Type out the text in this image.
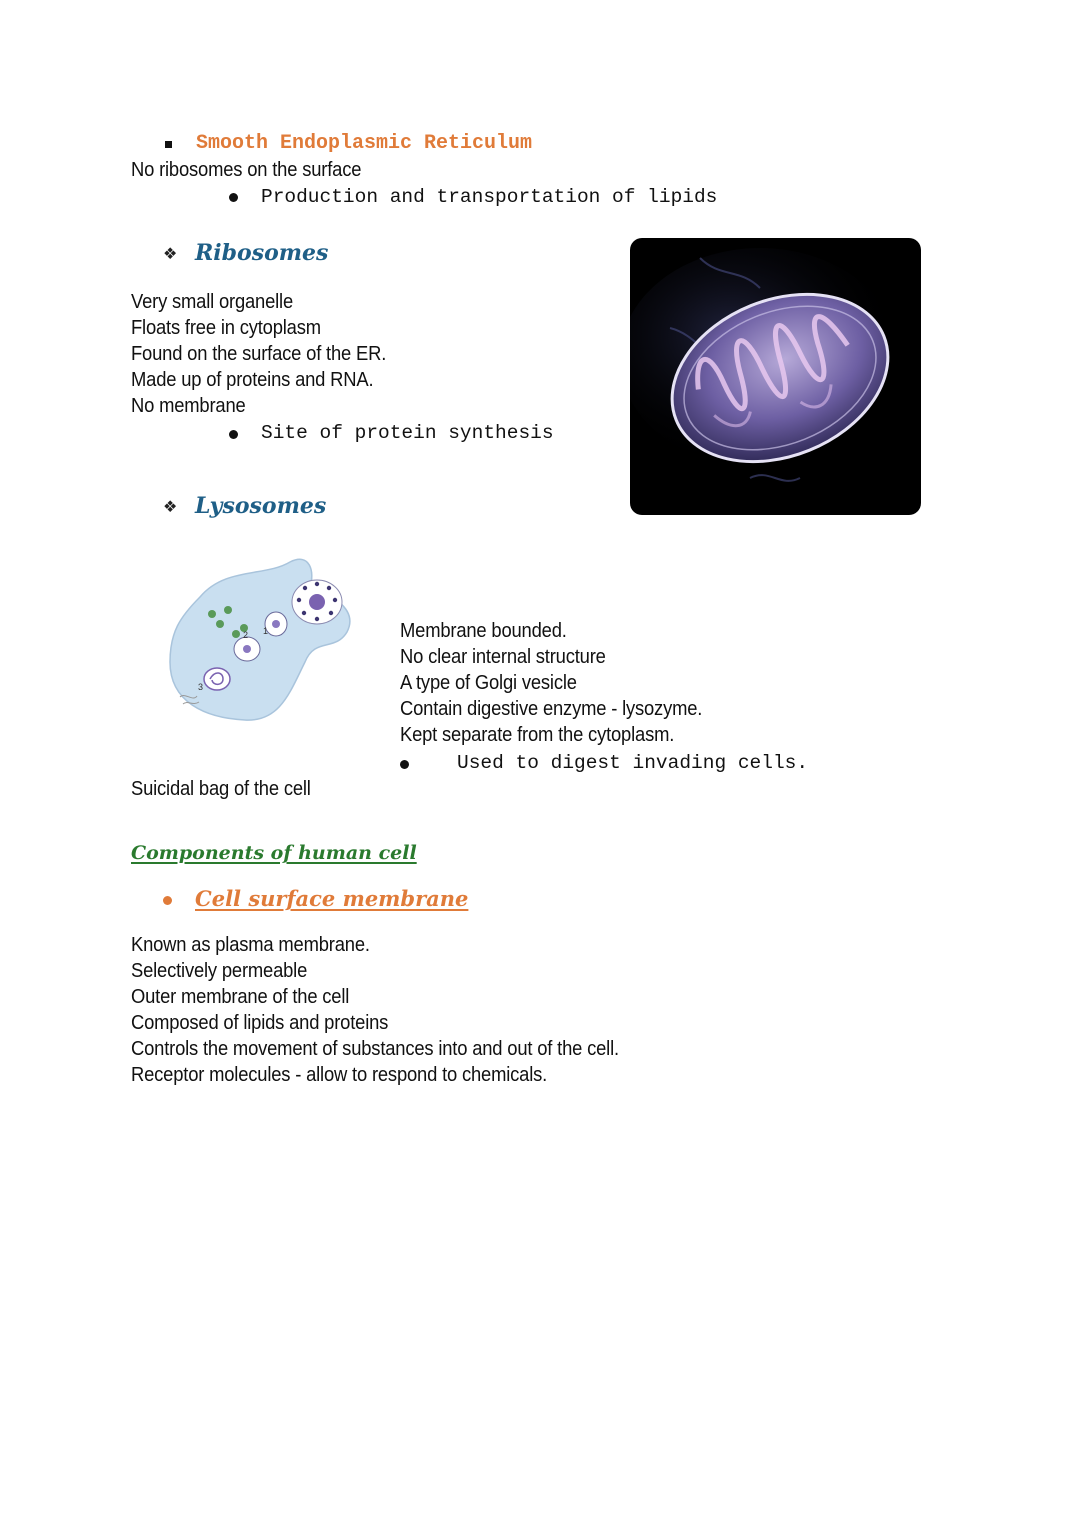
Smooth Endoplasmic Reticulum
No ribosomes on the surface
Production and transportation of lipids
❖ Ribosomes
Very small organelle
Floats free in cytoplasm
Found on the surface of the ER.
Made up of proteins and RNA.
No membrane
Site of protein synthesis
❖ Lysosomes
1
2
3
Membrane bounded.
No clear internal structure
A type of Golgi vesicle
Contain digestive enzyme - lysozyme.
Kept separate from the cytoplasm.
Used to digest invading cells.
Suicidal bag of the cell
Components of human cell
Cell surface membrane
Known as plasma membrane.
Selectively permeable
Outer membrane of the cell
Composed of lipids and proteins
Controls the movement of substances into and out of the cell.
Receptor molecules - allow to respond to chemicals.
